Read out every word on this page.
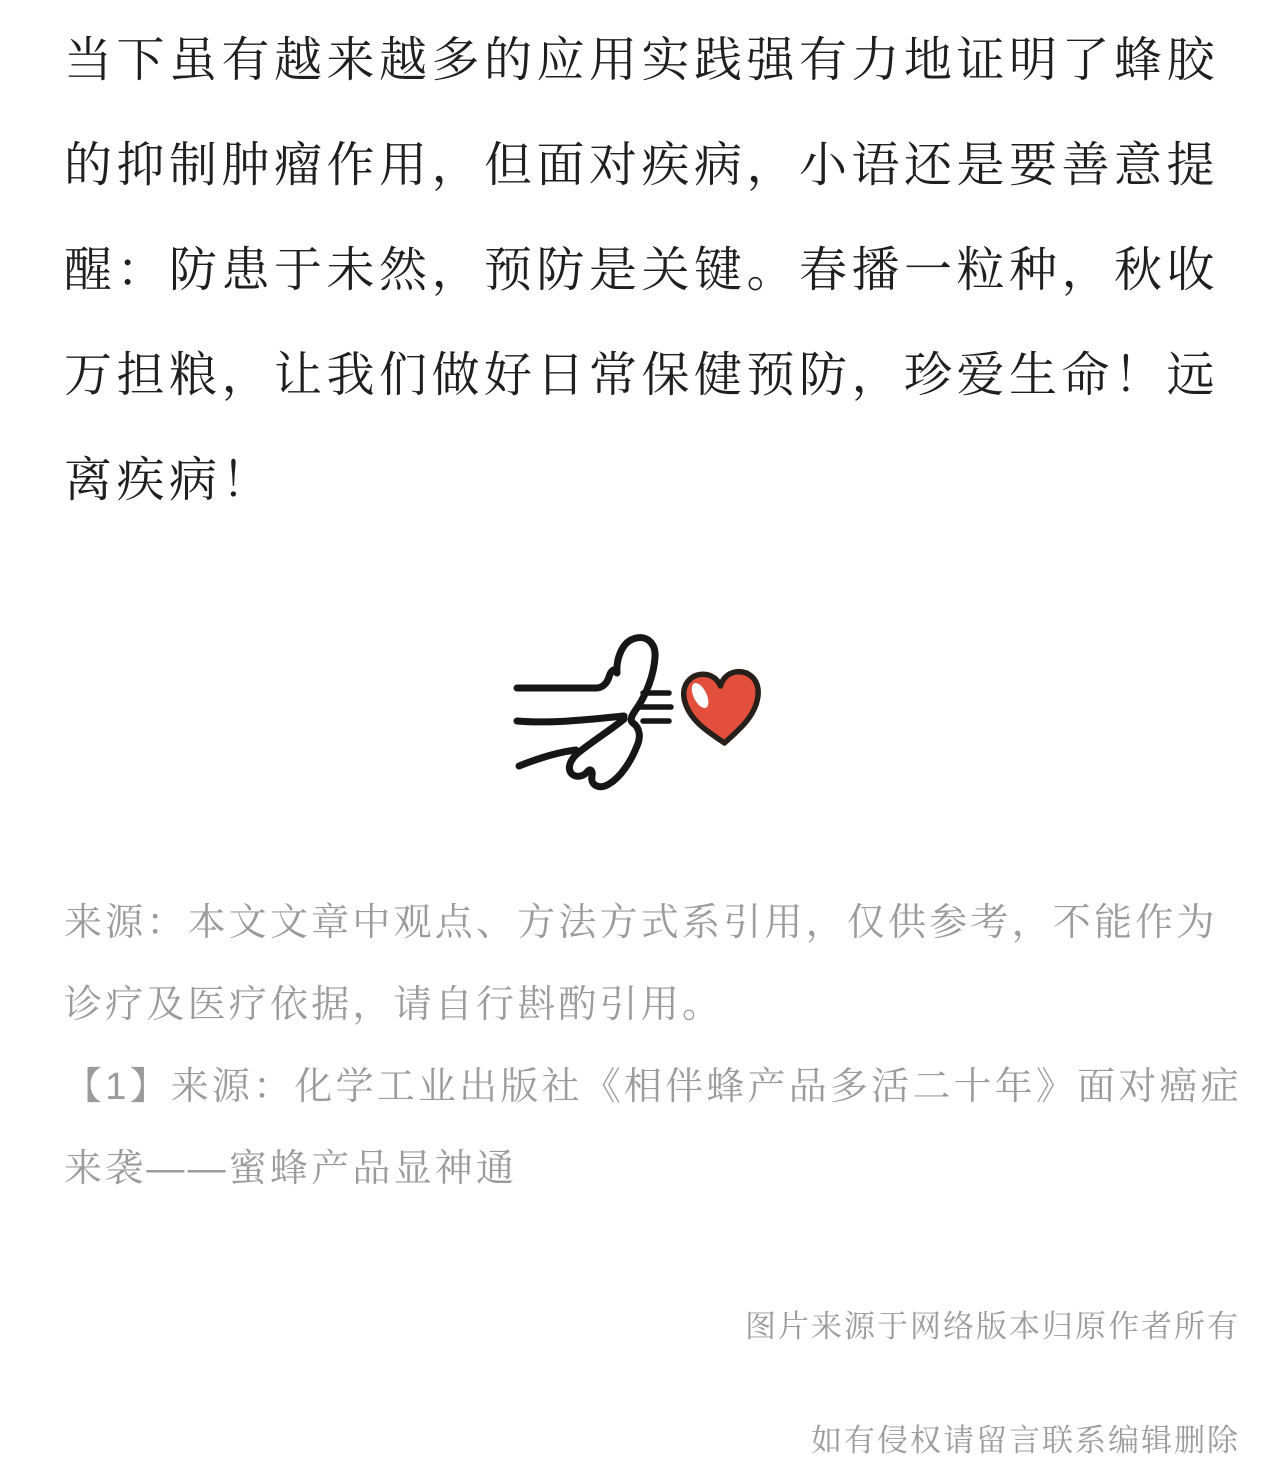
当下虽有越来越多的应用实践强有力地证明了蜂胶
的抑制肿瘤作用，但面对疾病，小语还是要善意提
醒：防患于未然，预防是关键。春播一粒种，秋收
万担粮，让我们做好日常保健预防，珍爱生命！远
离疾病！

来源：本文文章中观点、方法方式系引用，仅供参考，不能作为
诊疗及医疗依据，请自行斟酌引用。
【1】来源：化学工业出版社《相伴蜂产品多活二十年》面对癌症
来袭——蜜蜂产品显神通

图片来源于网络版本归原作者所有

如有侵权请留言联系编辑删除
